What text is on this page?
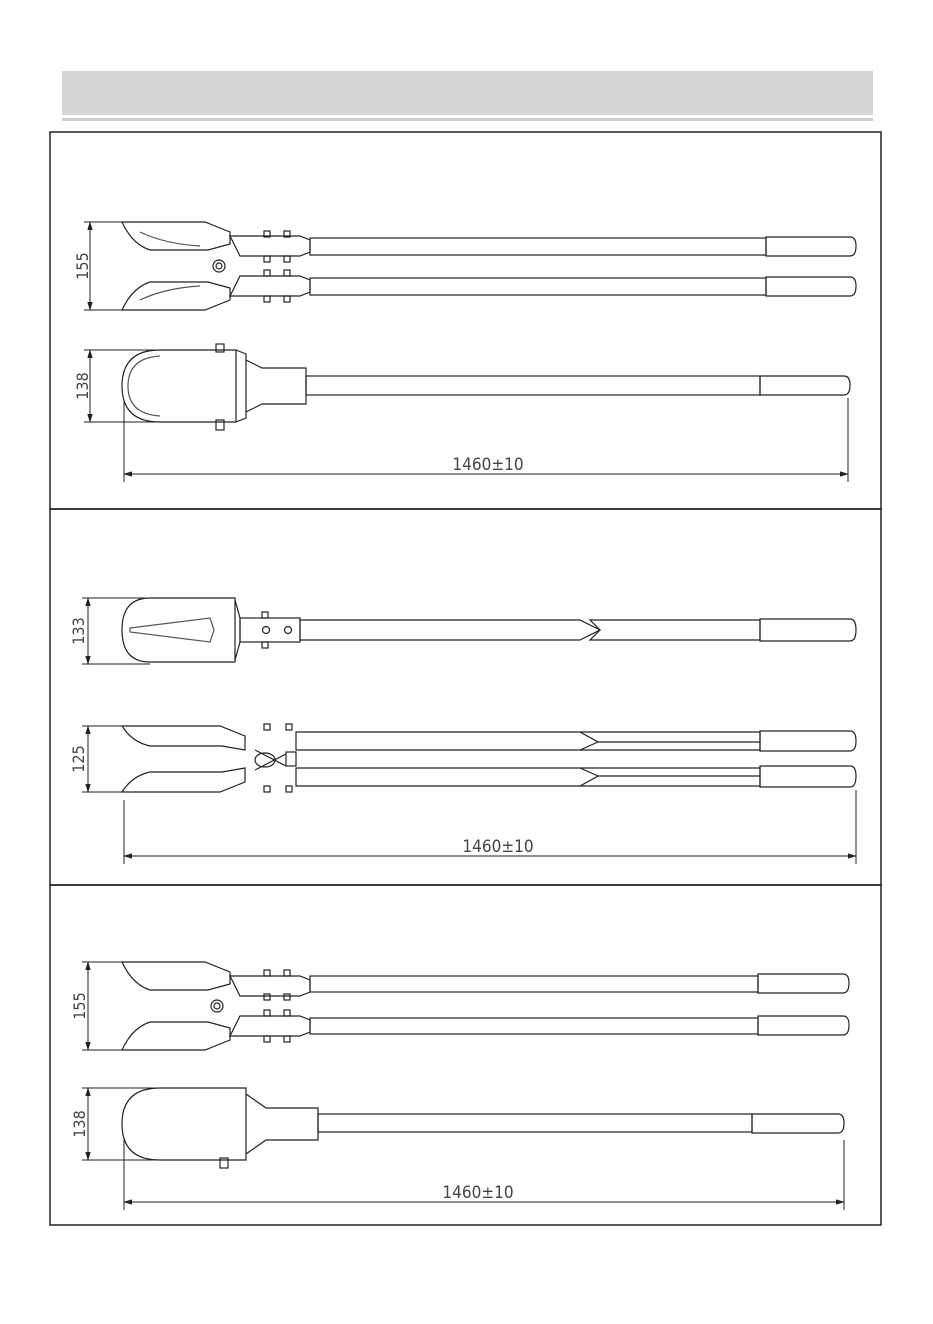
155
138
1460±10
133
125
1460±10
155
138
1460±10
